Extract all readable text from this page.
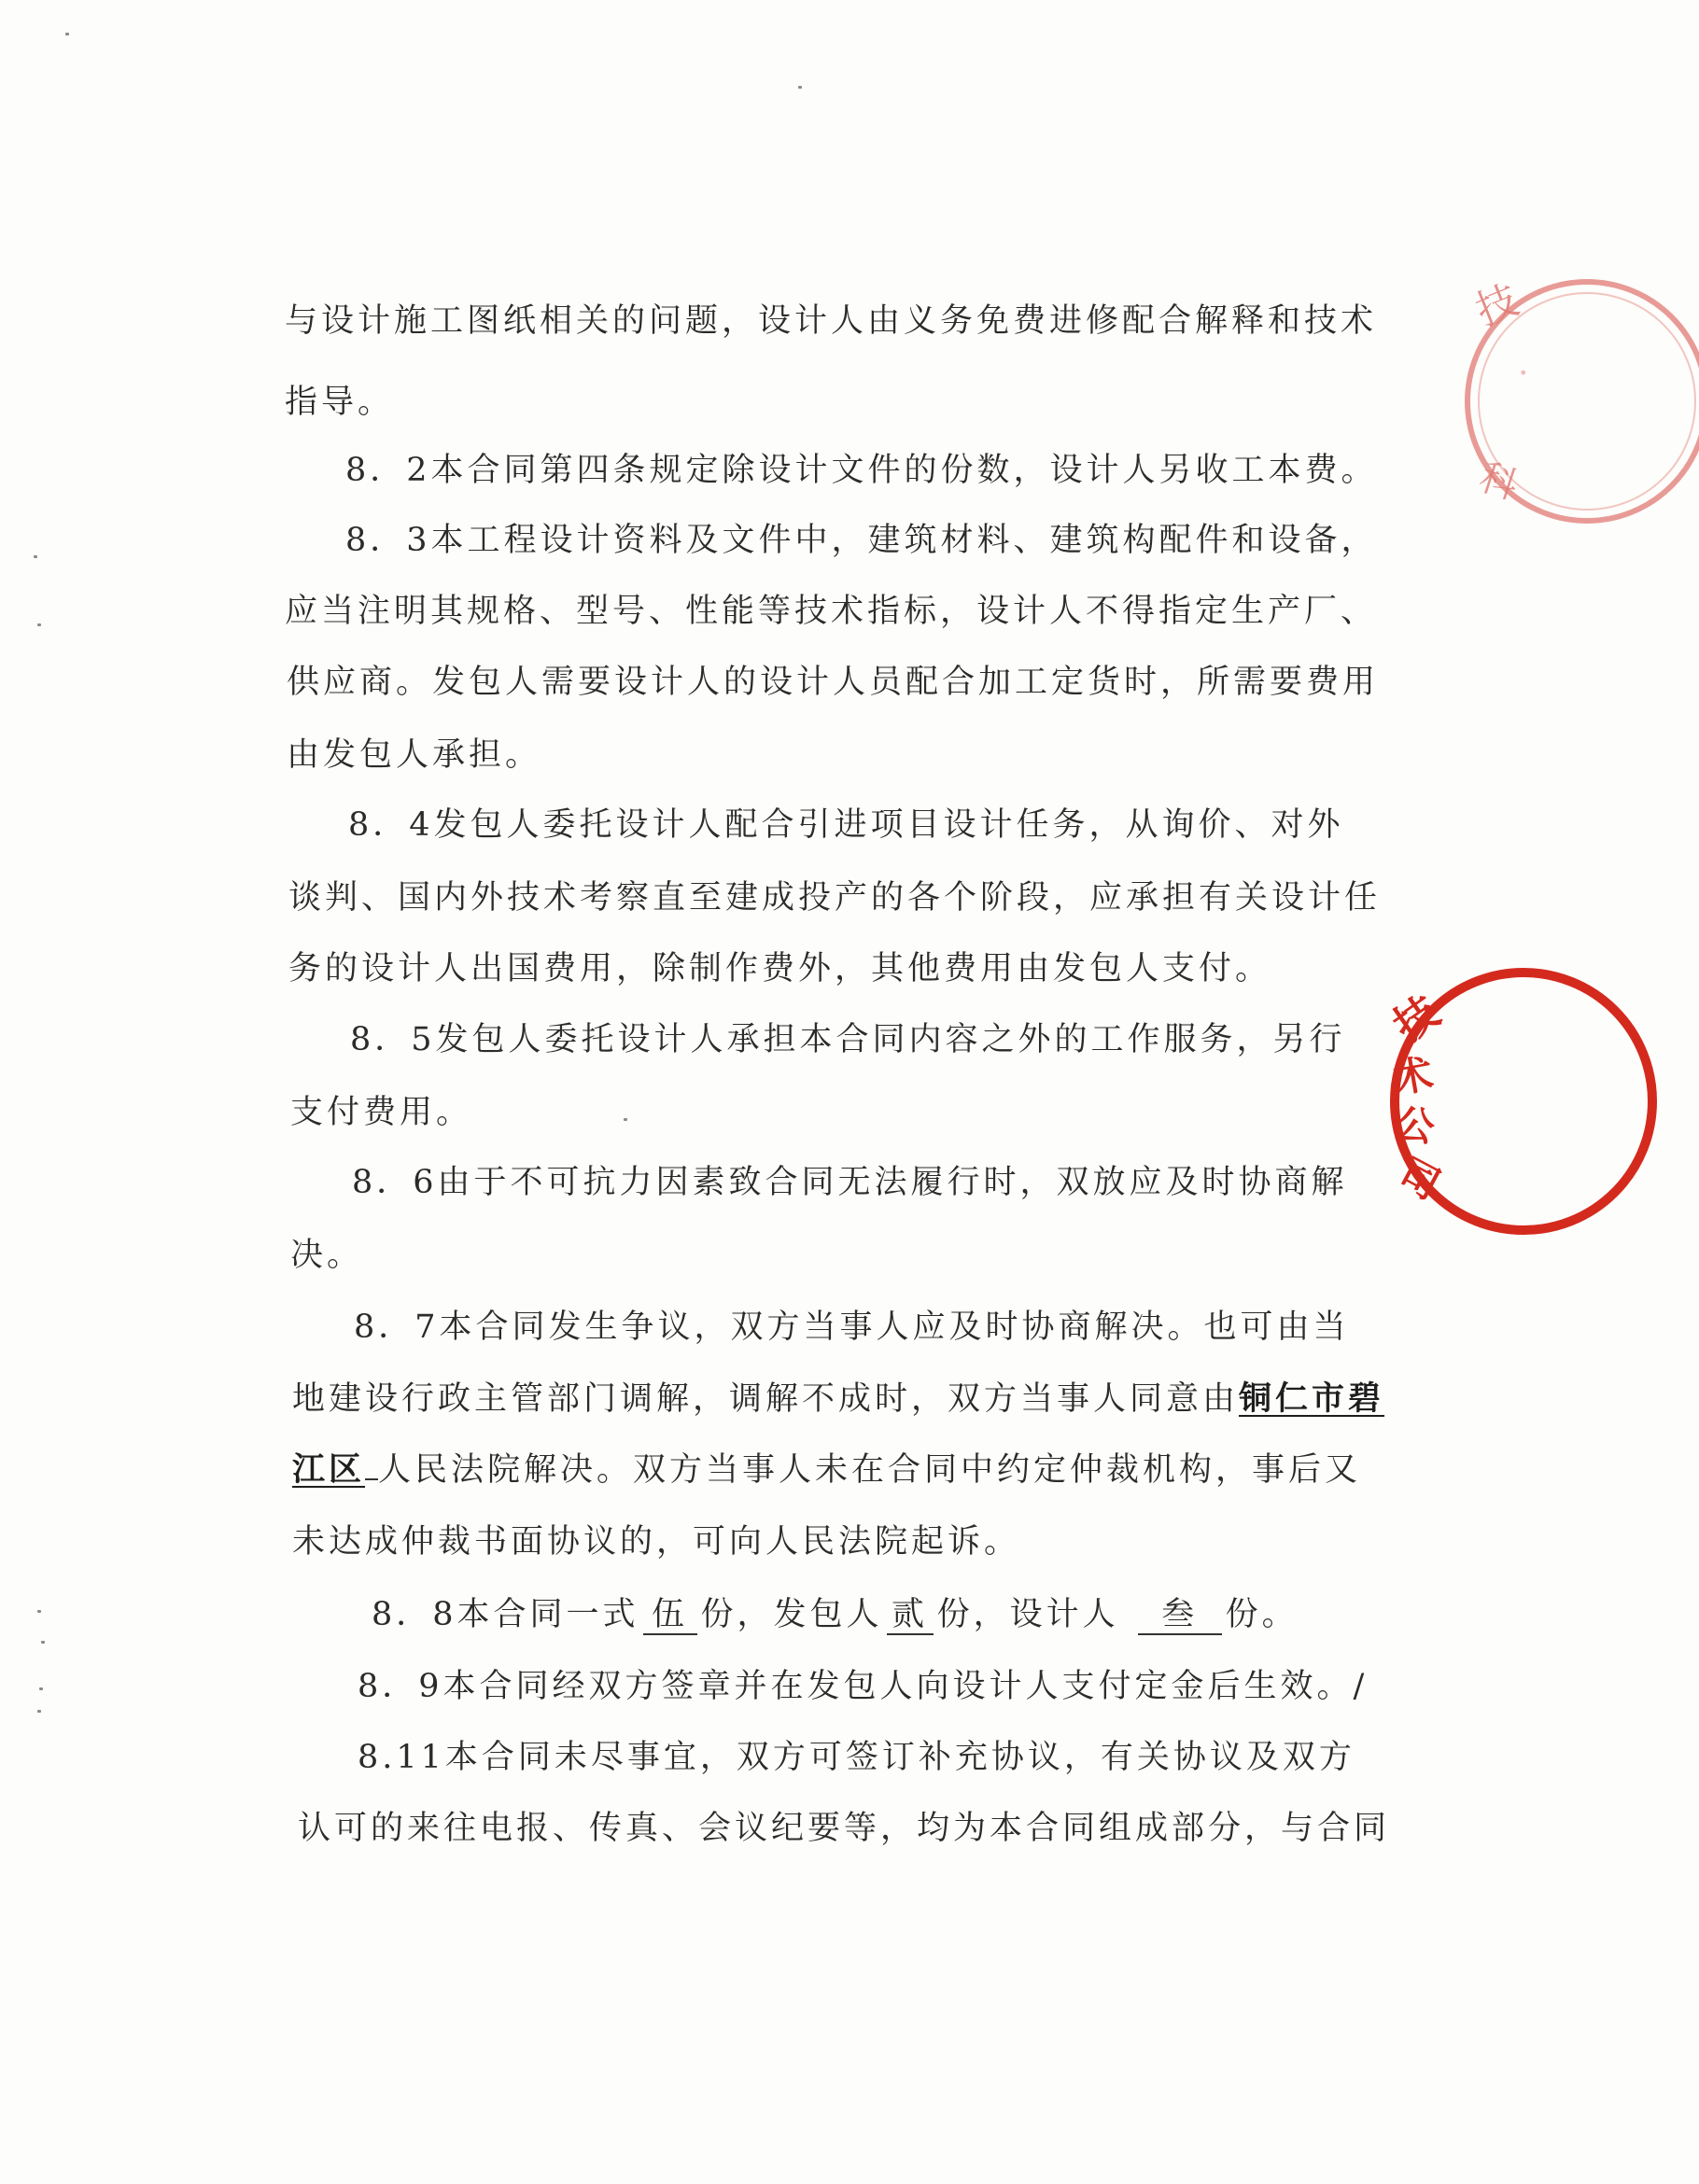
与设计施工图纸相关的问题，设计人由义务免费进修配合解释和技术
指导。
8．2本合同第四条规定除设计文件的份数，设计人另收工本费。
8．3本工程设计资料及文件中，建筑材料、建筑构配件和设备，
应当注明其规格、型号、性能等技术指标，设计人不得指定生产厂、
供应商。发包人需要设计人的设计人员配合加工定货时，所需要费用
由发包人承担。
8．4发包人委托设计人配合引进项目设计任务，从询价、对外
谈判、国内外技术考察直至建成投产的各个阶段，应承担有关设计任
务的设计人出国费用，除制作费外，其他费用由发包人支付。
8．5发包人委托设计人承担本合同内容之外的工作服务，另行
支付费用。
8．6由于不可抗力因素致合同无法履行时，双放应及时协商解
决。
8．7本合同发生争议，双方当事人应及时协商解决。也可由当
地建设行政主管部门调解，调解不成时，双方当事人同意由铜仁市碧
江区 人民法院解决。双方当事人未在合同中约定仲裁机构，事后又
未达成仲裁书面协议的，可向人民法院起诉。
8．8本合同一式 伍 份，发包人 贰 份，设计人 叁 份。
8．9本合同经双方签章并在发包人向设计人支付定金后生效。/
8.11本合同未尽事宜，双方可签订补充协议，有关协议及双方
认可的来往电报、传真、会议纪要等，均为本合同组成部分，与合同
技
·
科
技
术
公
司
